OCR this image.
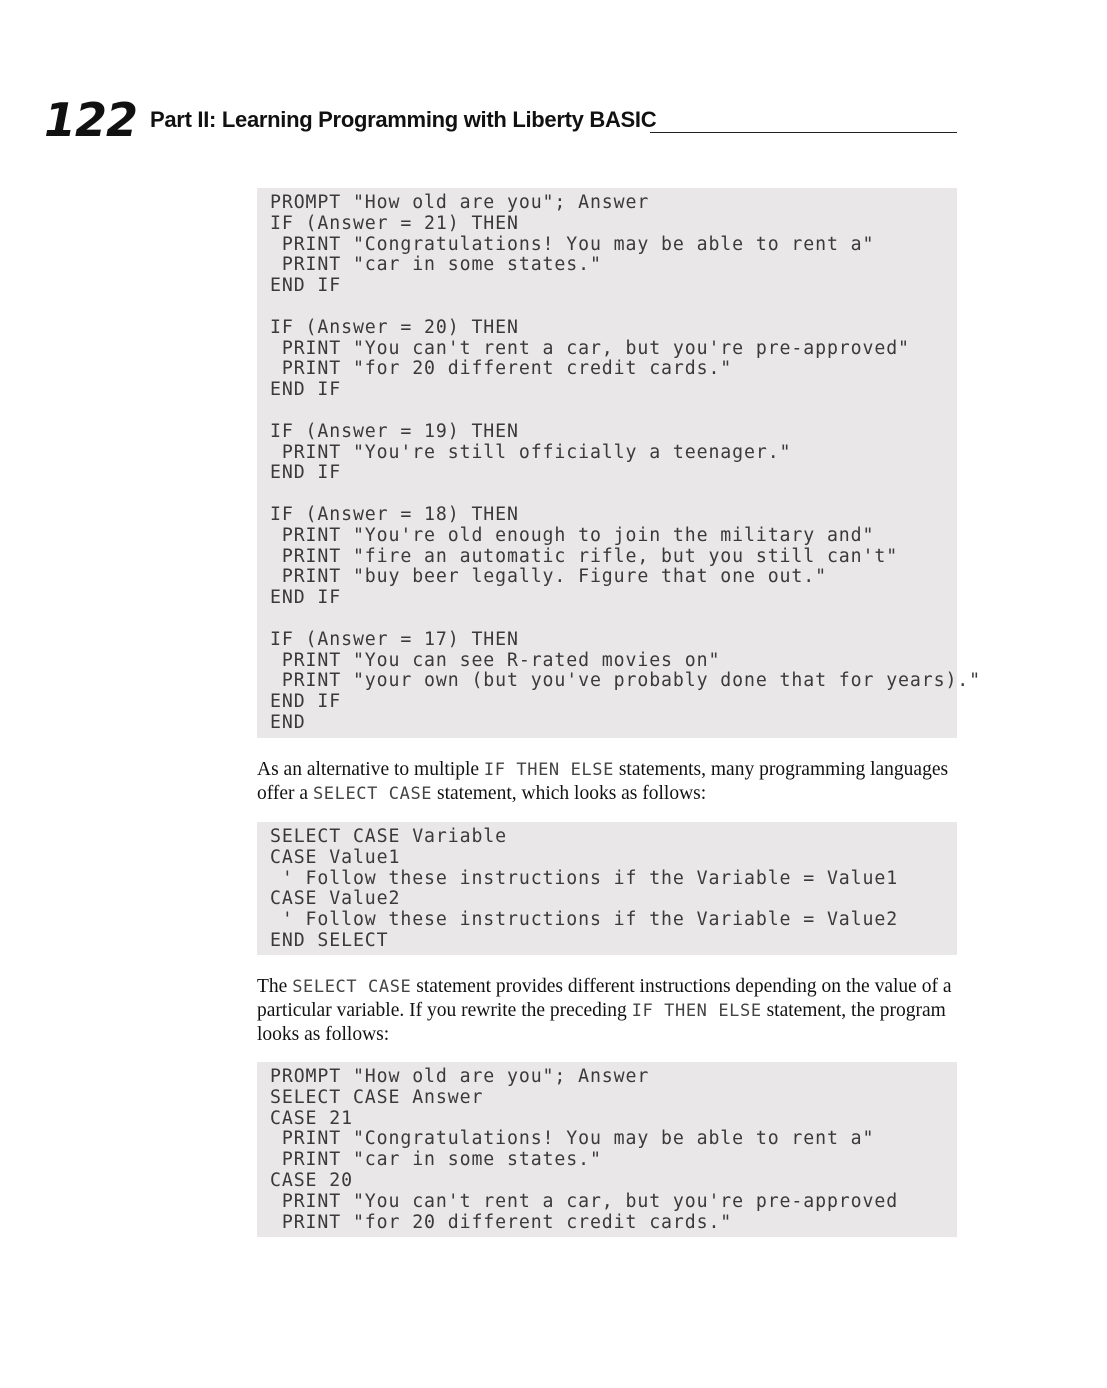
122 Part II: Learning Programming with Liberty BASIC
PROMPT "How old are you"; Answer
IF (Answer = 21) THEN
PRINT "Congratulations! You may be able to rent a"
PRINT "car in some states."
END IF
IF (Answer = 20) THEN
PRINT "You can't rent a car, but you're pre-approved"
PRINT "for 20 different credit cards."
END IF
IF (Answer = 19) THEN
PRINT "You're still officially a teenager."
END IF
IF (Answer = 18) THEN
PRINT "You're old enough to join the military and"
PRINT "fire an automatic rifle, but you still can't"
PRINT "buy beer legally. Figure that one out."
END IF
IF (Answer = 17) THEN
PRINT "You can see R-rated movies on"
PRINT "your own (but you've probably done that for years)."
END IF
END

As an alternative to multiple IF THEN ELSE statements, many programming languages offer a SELECT CASE statement, which looks as follows:

SELECT CASE Variable
CASE Value1
' Follow these instructions if the Variable = Value1
CASE Value2
' Follow these instructions if the Variable = Value2
END SELECT

The SELECT CASE statement provides different instructions depending on the value of a particular variable. If you rewrite the preceding IF THEN ELSE statement, the program looks as follows:

PROMPT "How old are you"; Answer
SELECT CASE Answer
CASE 21
PRINT "Congratulations! You may be able to rent a"
PRINT "car in some states."
CASE 20
PRINT "You can't rent a car, but you're pre-approved
PRINT "for 20 different credit cards."
